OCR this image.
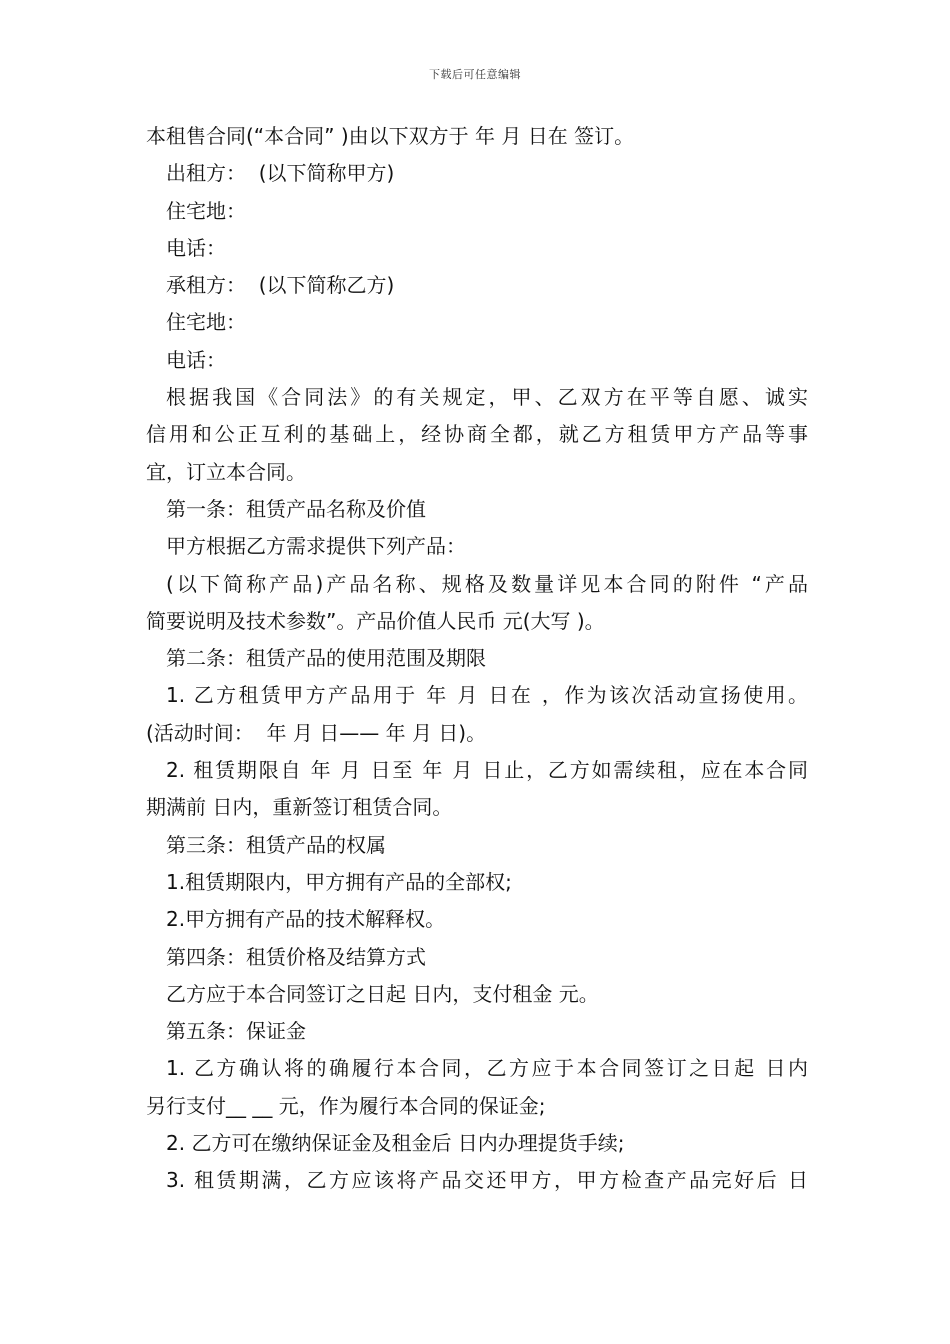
下载后可任意编辑
本租售合同(“本合同” )由以下双方于 年 月 日在 签订。
出租方：  (以下简称甲方)
住宅地：
电话：
承租方：  (以下简称乙方)
住宅地：
电话：
根据我国《合同法》的有关规定，甲、乙双方在平等自愿、诚实
信用和公正互利的基础上，经协商全都，就乙方租赁甲方产品等事
宜，订立本合同。
第一条：租赁产品名称及价值
甲方根据乙方需求提供下列产品：
(以下简称产品)产品名称、规格及数量详见本合同的附件 “产品
简要说明及技术参数”。产品价值人民币 元(大写 )。
第二条：租赁产品的使用范围及期限
1. 乙方租赁甲方产品用于 年 月 日在 ，作为该次活动宣扬使用。
(活动时间：  年 月 日—— 年 月 日)。
2. 租赁期限自 年 月 日至 年 月 日止，乙方如需续租，应在本合同
期满前 日内，重新签订租赁合同。
第三条：租赁产品的权属
1.租赁期限内，甲方拥有产品的全部权;
2.甲方拥有产品的技术解释权。
第四条：租赁价格及结算方式
乙方应于本合同签订之日起 日内，支付租金 元。
第五条：保证金
1. 乙方确认将的确履行本合同，乙方应于本合同签订之日起 日内
另行支付__ __ 元，作为履行本合同的保证金;
2. 乙方可在缴纳保证金及租金后 日内办理提货手续;
3. 租赁期满，乙方应该将产品交还甲方，甲方检查产品完好后 日
